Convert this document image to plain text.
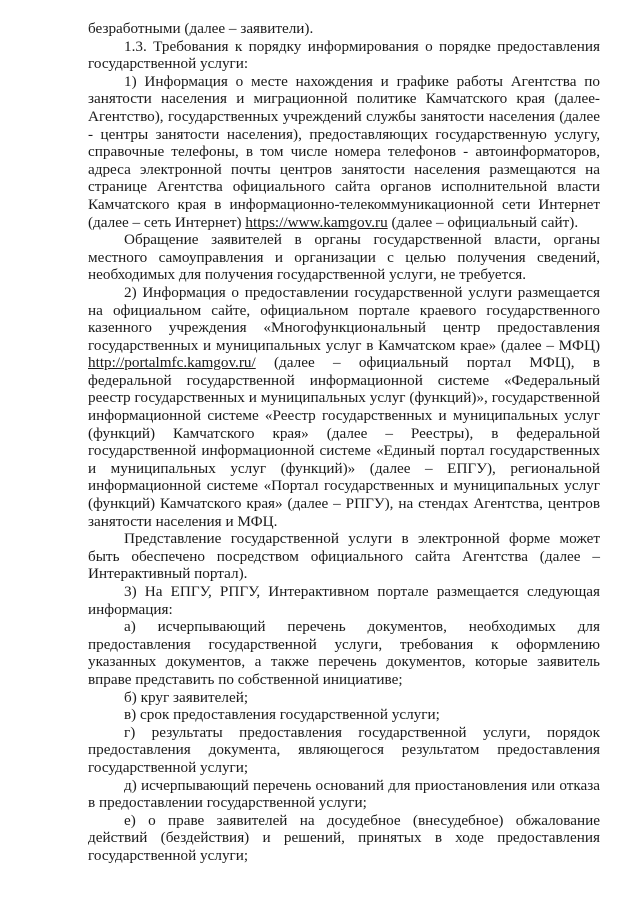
безработными (далее – заявители).

1.3. Требования к порядку информирования о порядке предоставления государственной услуги:

1) Информация о месте нахождения и графике работы Агентства по занятости населения и миграционной политике Камчатского края (далее-Агентство), государственных учреждений службы занятости населения (далее - центры занятости населения), предоставляющих государственную услугу, справочные телефоны, в том числе номера телефонов - автоинформаторов, адреса электронной почты центров занятости населения размещаются на странице Агентства официального сайта органов исполнительной власти Камчатского края в информационно-телекоммуникационной сети Интернет (далее – сеть Интернет) https://www.kamgov.ru (далее – официальный сайт).

Обращение заявителей в органы государственной власти, органы местного самоуправления и организации с целью получения сведений, необходимых для получения государственной услуги, не требуется.

2) Информация о предоставлении государственной услуги размещается на официальном сайте, официальном портале краевого государственного казенного учреждения «Многофункциональный центр предоставления государственных и муниципальных услуг в Камчатском крае» (далее – МФЦ) http://portalmfc.kamgov.ru/ (далее – официальный портал МФЦ), в федеральной государственной информационной системе «Федеральный реестр государственных и муниципальных услуг (функций)», государственной информационной системе «Реестр государственных и муниципальных услуг (функций) Камчатского края» (далее – Реестры), в федеральной государственной информационной системе «Единый портал государственных и муниципальных услуг (функций)» (далее – ЕПГУ), региональной информационной системе «Портал государственных и муниципальных услуг (функций) Камчатского края» (далее – РПГУ), на стендах Агентства, центров занятости населения и МФЦ.

Представление государственной услуги в электронной форме может быть обеспечено посредством официального сайта Агентства (далее – Интерактивный портал).

3) На ЕПГУ, РПГУ, Интерактивном портале размещается следующая информация:

а) исчерпывающий перечень документов, необходимых для предоставления государственной услуги, требования к оформлению указанных документов, а также перечень документов, которые заявитель вправе представить по собственной инициативе;

б) круг заявителей;

в) срок предоставления государственной услуги;

г) результаты предоставления государственной услуги, порядок предоставления документа, являющегося результатом предоставления государственной услуги;

д) исчерпывающий перечень оснований для приостановления или отказа в предоставлении государственной услуги;

е) о праве заявителей на досудебное (внесудебное) обжалование действий (бездействия) и решений, принятых в ходе предоставления государственной услуги;
